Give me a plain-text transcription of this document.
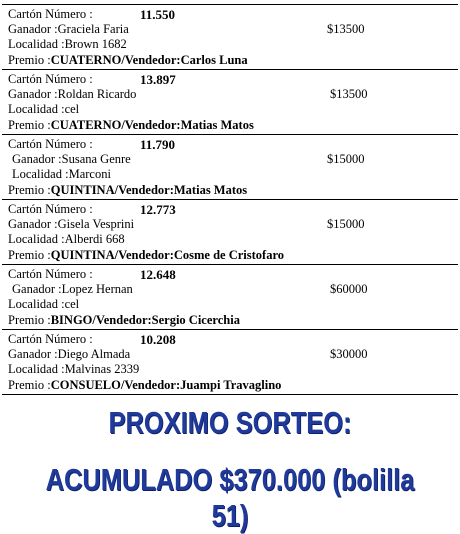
Cartón Número :	11.550
Ganador :Graciela Faria	$13500
Localidad :Brown 1682
Premio :CUATERNO/Vendedor:Carlos Luna
Cartón Número :	13.897
Ganador :Roldan Ricardo	$13500
Localidad :cel
Premio :CUATERNO/Vendedor:Matias Matos
Cartón Número :	11.790
Ganador :Susana Genre	$15000
Localidad :Marconi
Premio :QUINTINA/Vendedor:Matias Matos
Cartón Número :	12.773
Ganador :Gisela Vesprini	$15000
Localidad :Alberdi 668
Premio :QUINTINA/Vendedor:Cosme de Cristofaro
Cartón Número :	12.648
Ganador :Lopez Hernan	$60000
Localidad :cel
Premio :BINGO/Vendedor:Sergio Cicerchia
Cartón Número :	10.208
Ganador :Diego Almada	$30000
Localidad :Malvinas 2339
Premio :CONSUELO/Vendedor:Juampi Travaglino
PROXIMO SORTEO:
ACUMULADO $370.000 (bolilla 51)
